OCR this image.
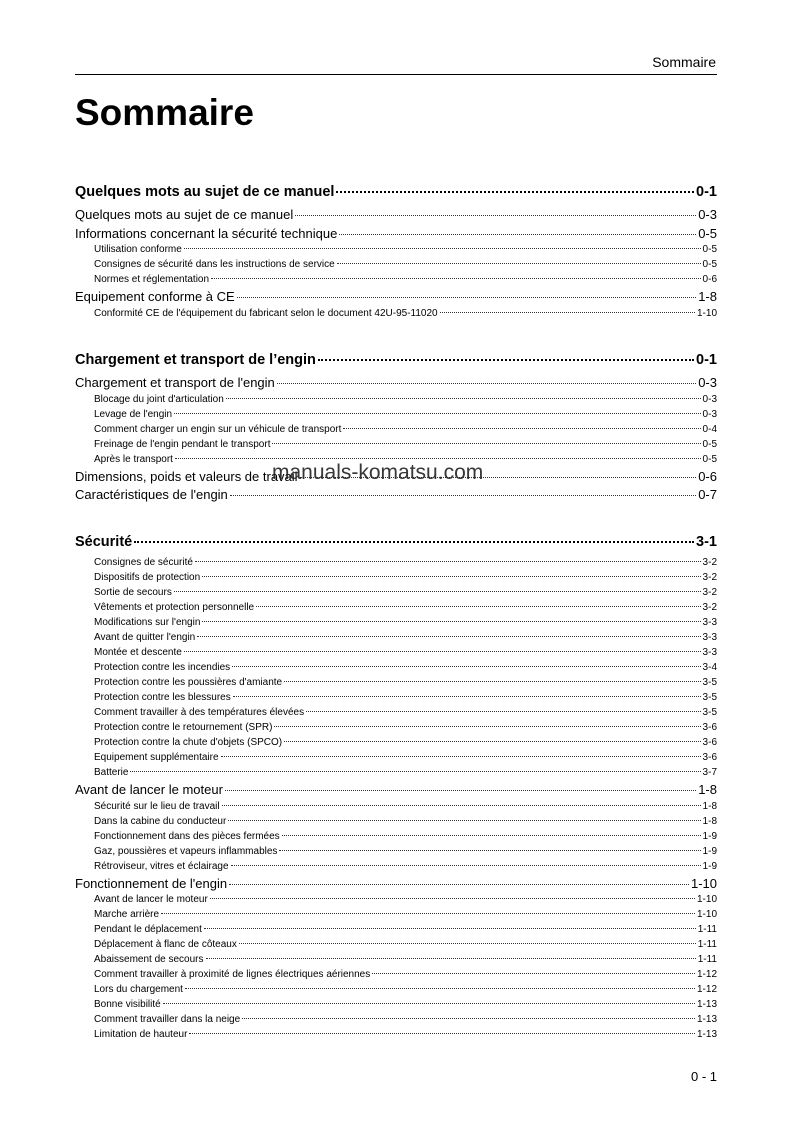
Sommaire
Sommaire
Quelques mots au sujet de ce manuel	0-1
Quelques mots au sujet de ce manuel	0-3
Informations concernant la sécurité technique	0-5
Utilisation conforme	0-5
Consignes de sécurité dans les instructions de service	0-5
Normes et réglementation	0-6
Equipement conforme à CE	1-8
Conformité CE de l'équipement du fabricant selon le document 42U-95-11020	1-10
Chargement et transport de l’engin	0-1
Chargement et transport de l'engin	0-3
Blocage du joint d'articulation	0-3
Levage de l'engin	0-3
Comment charger un engin sur un véhicule de transport	0-4
Freinage de l'engin pendant le transport	0-5
Après le transport	0-5
Dimensions, poids et valeurs de travail	0-6
Caractéristiques de l'engin	0-7
Sécurité	3-1
Consignes de sécurité	3-2
Dispositifs de protection	3-2
Sortie de secours	3-2
Vêtements et protection personnelle	3-2
Modifications sur l'engin	3-3
Avant de quitter l'engin	3-3
Montée et descente	3-3
Protection contre les incendies	3-4
Protection contre les poussières d'amiante	3-5
Protection contre les blessures	3-5
Comment travailler à des températures élevées	3-5
Protection contre le retournement (SPR)	3-6
Protection contre la chute d'objets (SPCO)	3-6
Equipement supplémentaire	3-6
Batterie	3-7
Avant de lancer le moteur	1-8
Sécurité sur le lieu de travail	1-8
Dans la cabine du conducteur	1-8
Fonctionnement dans des pièces fermées	1-9
Gaz, poussières et vapeurs inflammables	1-9
Rétroviseur, vitres et éclairage	1-9
Fonctionnement de l'engin	1-10
Avant de lancer le moteur	1-10
Marche arrière	1-10
Pendant le déplacement	1-11
Déplacement à flanc de côteaux	1-11
Abaissement de secours	1-11
Comment travailler à proximité de lignes électriques aériennes	1-12
Lors du chargement	1-12
Bonne visibilité	1-13
Comment travailler dans la neige	1-13
Limitation de hauteur	1-13
manuals-komatsu.com
0 - 1
